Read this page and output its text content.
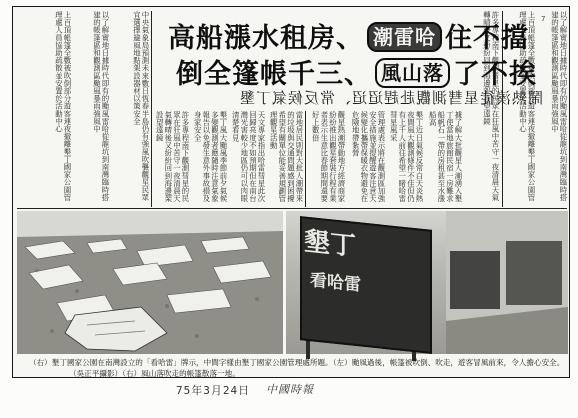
以了解實地日據時代即有的颱風雷哈從龍坑到南灣臨時搭建的帳篷區和觀測區颱風暴雨強風中
上百頂帳篷全數被吹倒部分遊客連夜撤離墾丁國家公園管理處人員協助疏散並安置於活動中心
許多專程南下觀測彗星的民眾在狂風中苦守一夜清晨天氣轉晴後又紛紛回到海邊架設望遠鏡
據了解大批觀星人潮湧入墾丁使當地旅館民宿一房難求船帆石一帶的房租甚至水漲船高
墾丁近日氣候反常白天炎熱夜間風大觀測條件不佳但仍有上千人前往希望一睹哈雷彗星風采
管理處表示將在觀測區加強安全措施並提醒遊客注意天候變化攜帶保暖衣物避免在危險地帶紮營
觀星熱潮帶動地方經濟商家紛紛推出觀星套裝行程有業者表示生意比春節期間還要好上數倍
當地居民則對大批人潮帶來的垃圾與交通問題感到困擾希望有關單位能妥善規劃管理觀星活動
天文專家指出哈雷彗星此次回歸亮度不如預期但在南台灣光害較少地區仍可以肉眼清楚看見
墾丁風大颱風季節前夕氣候多變觀測者應隨時注意氣象報告以免發生意外事故損及身家安全
中央氣象局預測未來數日恆春半島仍有強風吹襲觀星民眾宜選擇避風地點架設器材以策安全
以了解實地日據時代即有的颱風雷哈從龍坑到南灣臨時搭建的帳篷區和觀測區颱風暴雨強風中
上百頂帳篷全數被吹倒部分遊客連夜撤離墾丁國家公園管理處人員協助疏散並安置於活動中心
許多專程南下觀測彗星的民眾在狂風中苦守一夜清晨天氣轉晴後又紛紛回到海邊架設望遠鏡
高船漲水租房、 潮雷哈 住不擋
倒全篷帳千三、 風山落 了不挨
鬧熱湊徒星彗測觀赴趕迢迢、常反候氣丁墾
墾丁
看哈雷
（右）墾丁國家公園在南灣設立的「看哈雷」牌示，中間字樣由墾丁國家公園管理處所題。（左）颱風過後，帳篷被吹倒、吹走，遊客冒風前來，令人擔心安全。
（吳正平攝影）（右）風山落吹走的帳篷散落一地。
7
75年3月24日 中國時報
